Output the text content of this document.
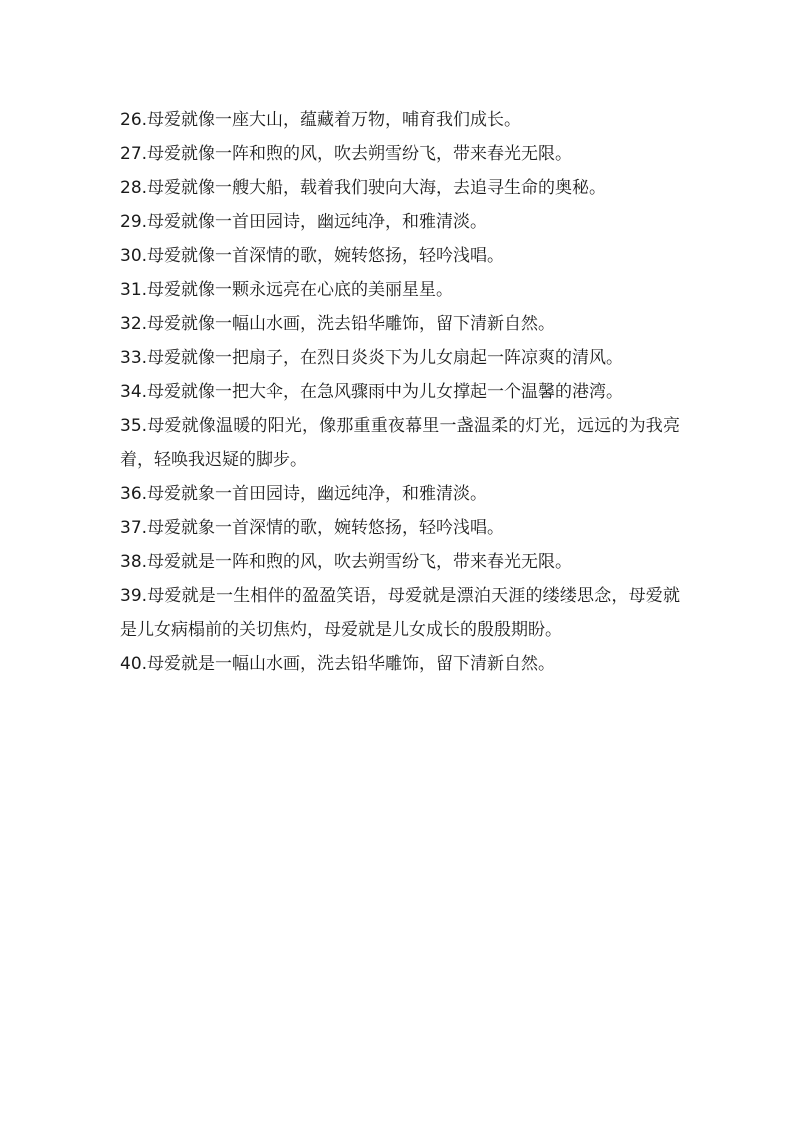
26.母爱就像一座大山，蕴藏着万物，哺育我们成长。

27.母爱就像一阵和煦的风，吹去朔雪纷飞，带来春光无限。

28.母爱就像一艘大船，载着我们驶向大海，去追寻生命的奥秘。

29.母爱就像一首田园诗，幽远纯净，和雅清淡。

30.母爱就像一首深情的歌，婉转悠扬，轻吟浅唱。

31.母爱就像一颗永远亮在心底的美丽星星。

32.母爱就像一幅山水画，洗去铅华雕饰，留下清新自然。

33.母爱就像一把扇子，在烈日炎炎下为儿女扇起一阵凉爽的清风。

34.母爱就像一把大伞，在急风骤雨中为儿女撑起一个温馨的港湾。

35.母爱就像温暖的阳光，像那重重夜幕里一盏温柔的灯光，远远的为我亮着，轻唤我迟疑的脚步。

36.母爱就象一首田园诗，幽远纯净，和雅清淡。

37.母爱就象一首深情的歌，婉转悠扬，轻吟浅唱。

38.母爱就是一阵和煦的风，吹去朔雪纷飞，带来春光无限。

39.母爱就是一生相伴的盈盈笑语，母爱就是漂泊天涯的缕缕思念，母爱就是儿女病榻前的关切焦灼，母爱就是儿女成长的殷殷期盼。

40.母爱就是一幅山水画，洗去铅华雕饰，留下清新自然。
